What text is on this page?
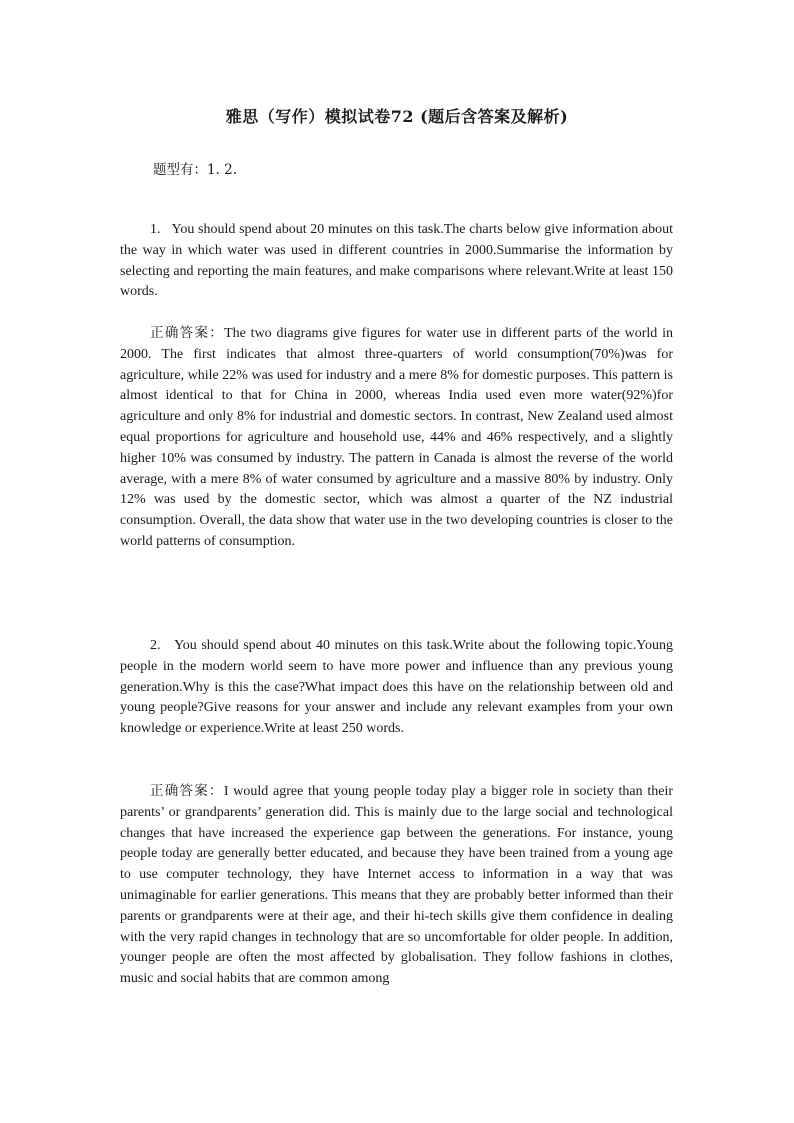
雅思（写作）模拟试卷72 (题后含答案及解析)
题型有：1. 2.

1. You should spend about 20 minutes on this task.The charts below give information about the way in which water was used in different countries in 2000.Summarise the information by selecting and reporting the main features, and make comparisons where relevant.Write at least 150 words.

正确答案：The two diagrams give figures for water use in different parts of the world in 2000. The first indicates that almost three-quarters of world consumption(70%)was for agriculture, while 22% was used for industry and a mere 8% for domestic purposes. This pattern is almost identical to that for China in 2000, whereas India used even more water(92%)for agriculture and only 8% for industrial and domestic sectors. In contrast, New Zealand used almost equal proportions for agriculture and household use, 44% and 46% respectively, and a slightly higher 10% was consumed by industry. The pattern in Canada is almost the reverse of the world average, with a mere 8% of water consumed by agriculture and a massive 80% by industry. Only 12% was used by the domestic sector, which was almost a quarter of the NZ industrial consumption. Overall, the data show that water use in the two developing countries is closer to the world patterns of consumption.

2. You should spend about 40 minutes on this task.Write about the following topic.Young people in the modern world seem to have more power and influence than any previous young generation.Why is this the case?What impact does this have on the relationship between old and young people?Give reasons for your answer and include any relevant examples from your own knowledge or experience.Write at least 250 words.

正确答案：I would agree that young people today play a bigger role in society than their parents’ or grandparents’ generation did. This is mainly due to the large social and technological changes that have increased the experience gap between the generations. For instance, young people today are generally better educated, and because they have been trained from a young age to use computer technology, they have Internet access to information in a way that was unimaginable for earlier generations. This means that they are probably better informed than their parents or grandparents were at their age, and their hi-tech skills give them confidence in dealing with the very rapid changes in technology that are so uncomfortable for older people. In addition, younger people are often the most affected by globalisation. They follow fashions in clothes, music and social habits that are common among
